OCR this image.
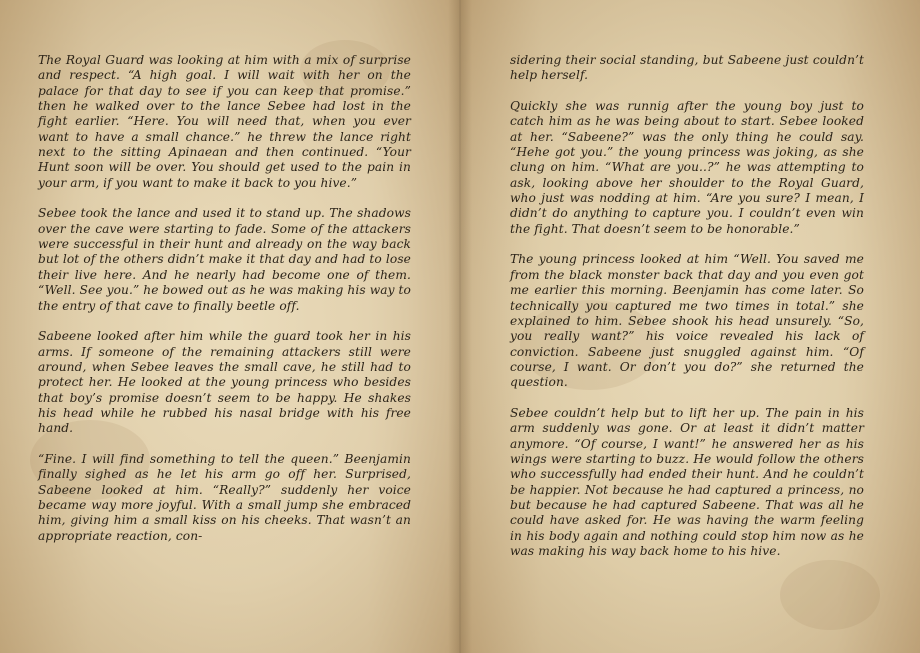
The Royal Guard was looking at him with a mix of surprise and respect. “A high goal. I will wait with her on the palace for that day to see if you can keep that promise.” then he walked over to the lance Sebee had lost in the fight earlier. “Here. You will need that, when you ever want to have a small chance.” he threw the lance right next to the sitting Apinaean and then continued. “Your Hunt soon will be over. You should get used to the pain in your arm, if you want to make it back to you hive.”

Sebee took the lance and used it to stand up. The shadows over the cave were starting to fade. Some of the attackers were successful in their hunt and already on the way back but lot of the others didn’t make it that day and had to lose their live here. And he nearly had become one of them. “Well. See you.” he bowed out as he was making his way to the entry of that cave to finally beetle off.

Sabeene looked after him while the guard took her in his arms. If someone of the remaining attackers still were around, when Sebee leaves the small cave, he still had to protect her. He looked at the young princess who besides that boy’s promise doesn’t seem to be happy. He shakes his head while he rubbed his nasal bridge with his free hand.

“Fine. I will find something to tell the queen.” Beenjamin finally sighed as he let his arm go off her. Surprised, Sabeene looked at him. “Really?” suddenly her voice became way more joyful. With a small jump she embraced him, giving him a small kiss on his cheeks. That wasn’t an appropriate reaction, con-

sidering their social standing, but Sabeene just couldn’t help herself.

Quickly she was runnig after the young boy just to catch him as he was being about to start. Sebee looked at her. “Sabeene?” was the only thing he could say. “Hehe got you.” the young princess was joking, as she clung on him. “What are you..?” he was attempting to ask, looking above her shoulder to the Royal Guard, who just was nodding at him. “Are you sure? I mean, I didn’t do anything to capture you. I couldn’t even win the fight. That doesn’t seem to be honorable.”

The young princess looked at him “Well. You saved me from the black monster back that day and you even got me earlier this morning. Beenjamin has come later. So technically you captured me two times in total.” she explained to him. Sebee shook his head unsurely. “So, you really want?” his voice revealed his lack of conviction. Sabeene just snuggled against him. “Of course, I want. Or don’t you do?” she returned the question.

Sebee couldn’t help but to lift her up. The pain in his arm suddenly was gone. Or at least it didn’t matter anymore. “Of course, I want!” he answered her as his wings were starting to buzz. He would follow the others who successfully had ended their hunt. And he couldn’t be happier. Not because he had captured a princess, no but because he had captured Sabeene. That was all he could have asked for. He was having the warm feeling in his body again and nothing could stop him now as he was making his way back home to his hive.
